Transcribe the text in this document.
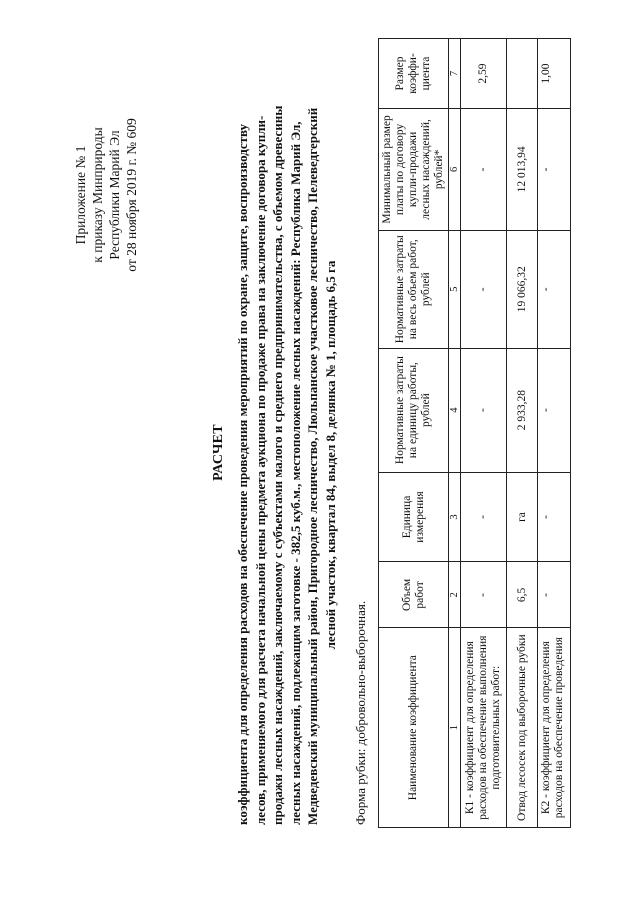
Приложение № 1 к приказу Минприроды Республики Марий Эл от 28 ноября 2019 г. № 609
РАСЧЕТ коэффициента для определения расходов на обеспечение проведения мероприятий по охране, защите, воспроизводству лесов, применяемого для расчета начальной цены предмета аукциона по продаже права на заключение договора купли- продажи лесных насаждений, заключаемому с субъектами малого и среднего предпринимательства, с объемом древесины лесных насаждений, подлежащим заготовке - 382,5 куб.м., местоположение лесных насаждений: Республика Марий Эл, Медведевский муниципальный район, Пригородное лесничество, Люльпанское участковое лесничество, Пелеведгерский лесной участок, квартал 84, выдел 8, делянка № 1, площадь 6,5 га
Форма рубки: добровольно-выборочная.	Наименование коэффициента	Объем работ	Единица измерения	Нормативные затраты на единицу работы, рублей	Нормативные затраты на весь объем работ, рублей	Минимальный размер платы по договору купли-продажи лесных насаждений, рублей*	Размер коэффи-циента
1	2	3	4	5	6	7
К1 - коэффициент для определения расходов на обеспечение выполнения подготовительных работ:	-	-	-	-	-	2,59
Отвод лесосек под выборочные рубки	6,5	га	2 933,28	19 066,32	12 013,94	
К2 - коэффициент для определения расходов на обеспечение проведения	-	-	-	-	-	1,00
